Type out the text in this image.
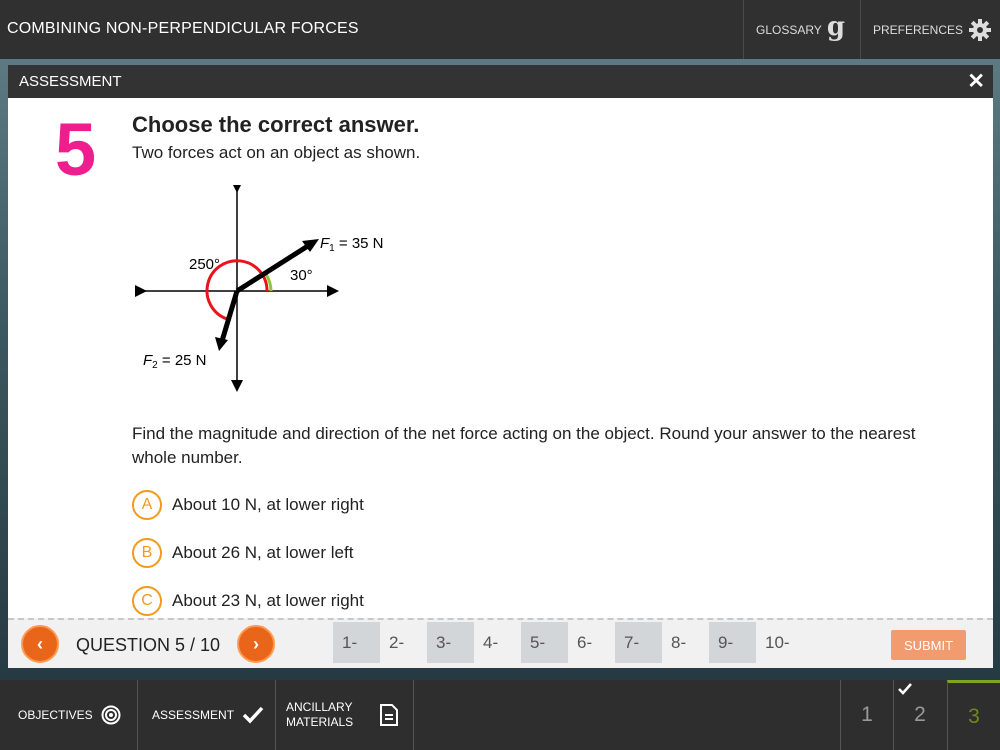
COMBINING NON-PERPENDICULAR FORCES	GLOSSARY g PREFERENCES
ASSESSMENT	✕
5 Choose the correct answer.
Two forces act on an object as shown.
$F_1 = 35$ N
$F_2 = 25$ N
250°
30°
Find the magnitude and direction of the net force acting on the object. Round your answer to the nearest whole number.
A	About 10 N, at lower right
B	About 26 N, at lower left
C	About 23 N, at lower right
‹ QUESTION 5 / 10 ›	1-	2-	3-	4-	5-	6-	7-	8-	9-	10-	SUBMIT
OBJECTIVES	ASSESSMENT
ANCILLARY
MATERIALS	1	2	3
